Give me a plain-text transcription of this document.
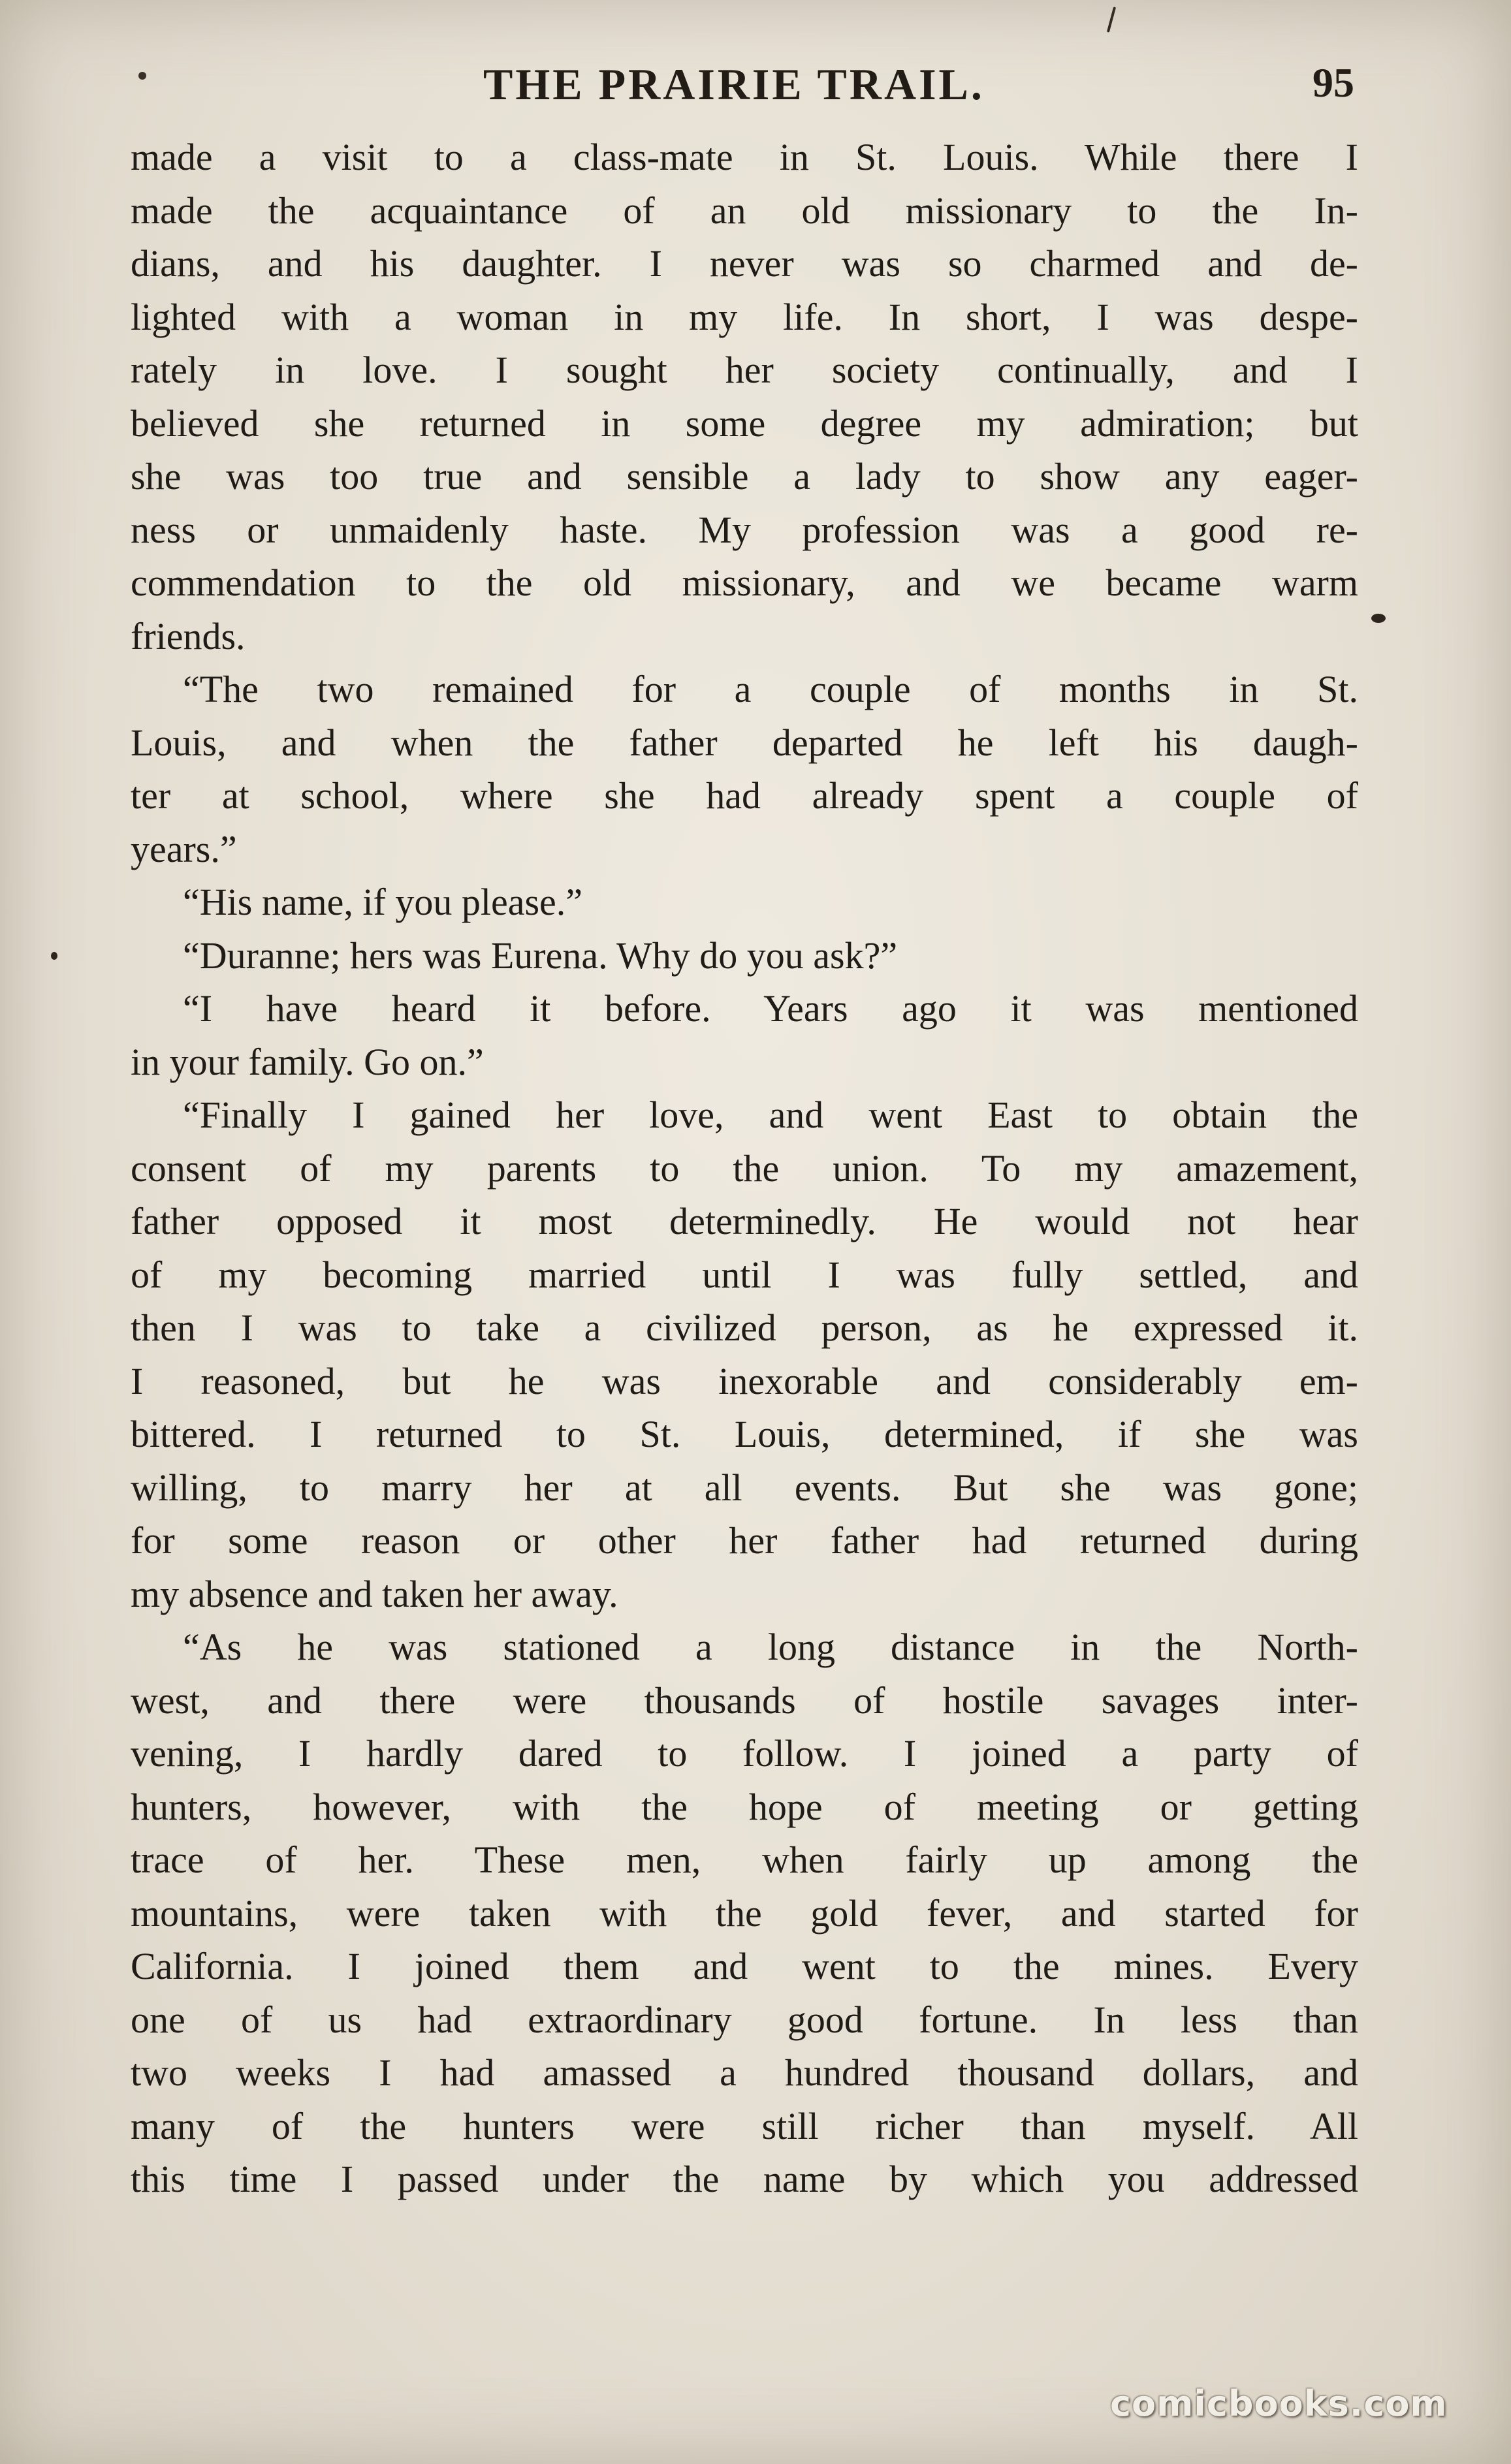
THE PRAIRIE TRAIL.	95
made a visit to a class-mate in St. Louis. While there I
made the acquaintance of an old missionary to the In-
dians, and his daughter. I never was so charmed and de-
lighted with a woman in my life. In short, I was despe-
rately in love. I sought her society continually, and I
believed she returned in some degree my admiration; but
she was too true and sensible a lady to show any eager-
ness or unmaidenly haste. My profession was a good re-
commendation to the old missionary, and we became warm
friends.
“The two remained for a couple of months in St.
Louis, and when the father departed he left his daugh-
ter at school, where she had already spent a couple of
years.”
“His name, if you please.”
“Duranne; hers was Eurena. Why do you ask?”
“I have heard it before. Years ago it was mentioned
in your family. Go on.”
“Finally I gained her love, and went East to obtain the
consent of my parents to the union. To my amazement,
father opposed it most determinedly. He would not hear
of my becoming married until I was fully settled, and
then I was to take a civilized person, as he expressed it.
I reasoned, but he was inexorable and considerably em-
bittered. I returned to St. Louis, determined, if she was
willing, to marry her at all events. But she was gone;
for some reason or other her father had returned during
my absence and taken her away.
“As he was stationed a long distance in the North-
west, and there were thousands of hostile savages inter-
vening, I hardly dared to follow. I joined a party of
hunters, however, with the hope of meeting or getting
trace of her. These men, when fairly up among the
mountains, were taken with the gold fever, and started for
California. I joined them and went to the mines. Every
one of us had extraordinary good fortune. In less than
two weeks I had amassed a hundred thousand dollars, and
many of the hunters were still richer than myself. All
this time I passed under the name by which you addressed
comicbooks.com
